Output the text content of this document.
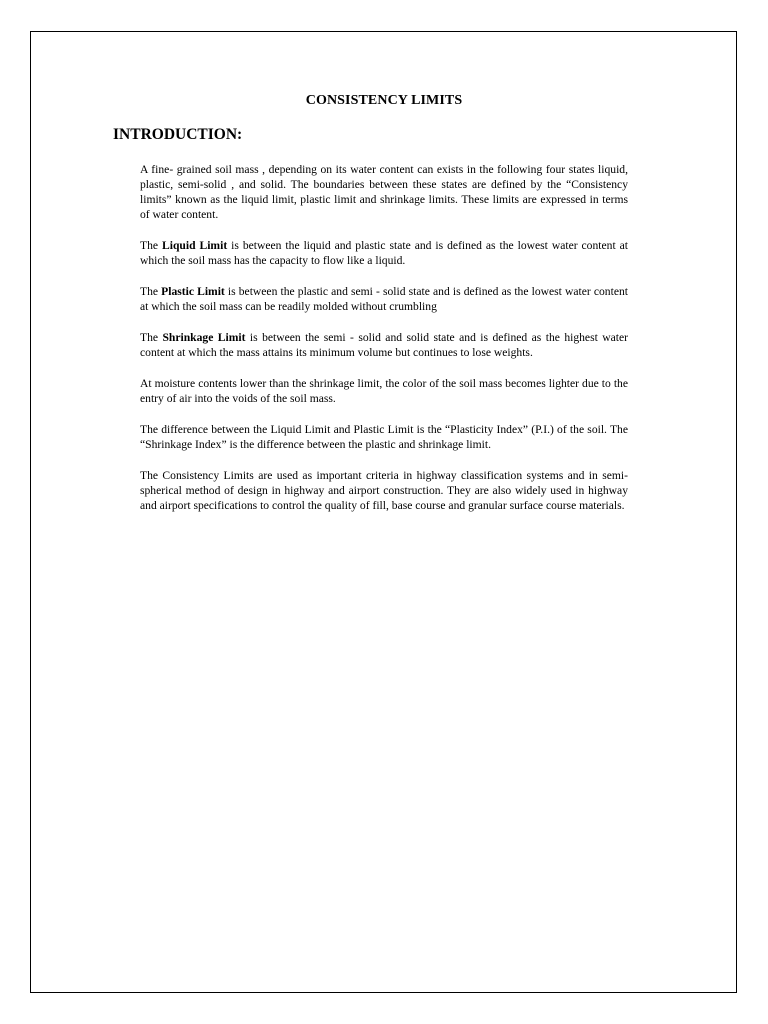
CONSISTENCY LIMITS
INTRODUCTION:

A fine- grained soil mass , depending on its water content can exists in the following four states liquid, plastic, semi-solid , and solid. The boundaries between these states are defined by the “Consistency limits” known as the liquid limit, plastic limit and shrinkage limits. These limits are expressed in terms of water content.

The Liquid Limit is between the liquid and plastic state and is defined as the lowest water content at which the soil mass has the capacity to flow like a liquid.

The Plastic Limit is between the plastic and semi - solid state and is defined as the lowest water content at which the soil mass can be readily molded without crumbling

The Shrinkage Limit is between the semi - solid and solid state and is defined as the highest water content at which the mass attains its minimum volume but continues to lose weights.

At moisture contents lower than the shrinkage limit, the color of the soil mass becomes lighter due to the entry of air into the voids of the soil mass.

The difference between the Liquid Limit and Plastic Limit is the “Plasticity Index” (P.I.) of the soil. The “Shrinkage Index” is the difference between the plastic and shrinkage limit.

The Consistency Limits are used as important criteria in highway classification systems and in semi- spherical method of design in highway and airport construction. They are also widely used in highway and airport specifications to control the quality of fill, base course and granular surface course materials.
